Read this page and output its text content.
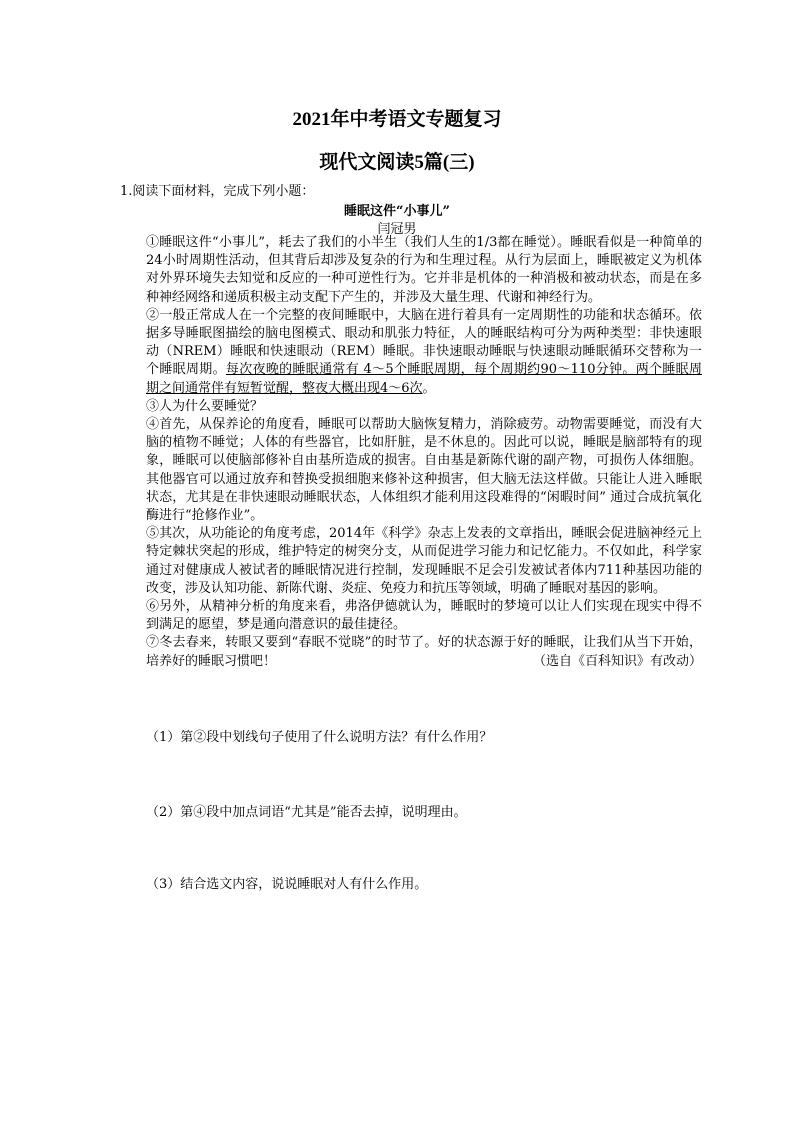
2021年中考语文专题复习
现代文阅读5篇(三)
1.阅读下面材料，完成下列小题：
睡眠这件“小事儿”
闫冠男

①睡眠这件“小事儿”，耗去了我们的小半生（我们人生的1/3都在睡觉）。睡眠看似是一种简单的24小时周期性活动，但其背后却涉及复杂的行为和生理过程。从行为层面上，睡眠被定义为机体对外界环境失去知觉和反应的一种可逆性行为。它并非是机体的一种消极和被动状态，而是在多种神经网络和递质积极主动支配下产生的，并涉及大量生理、代谢和神经行为。

②一般正常成人在一个完整的夜间睡眠中，大脑在进行着具有一定周期性的功能和状态循环。依据多导睡眠图描绘的脑电图模式、眼动和肌张力特征，人的睡眠结构可分为两种类型：非快速眼动（NREM）睡眠和快速眼动（REM）睡眠。非快速眼动睡眠与快速眼动睡眠循环交替称为一个睡眠周期。每次夜晚的睡眠通常有 4～5个睡眠周期，每个周期约90～110分钟。两个睡眠周期之间通常伴有短暂觉醒，整夜大概出现4～6次。

③人为什么要睡觉？

④首先，从保养论的角度看，睡眠可以帮助大脑恢复精力，消除疲劳。动物需要睡觉，而没有大脑的植物不睡觉；人体的有些器官，比如肝脏，是不休息的。因此可以说，睡眠是脑部特有的现象，睡眠可以使脑部修补自由基所造成的损害。自由基是新陈代谢的副产物，可损伤人体细胞。其他器官可以通过放弃和替换受损细胞来修补这种损害，但大脑无法这样做。只能让人进入睡眠状态，尤其是在非快速眼动睡眠状态，人体组织才能利用这段难得的“闲暇时间” 通过合成抗氧化酶进行“抢修作业”。

⑤其次，从功能论的角度考虑，2014年《科学》杂志上发表的文章指出，睡眠会促进脑神经元上特定棘状突起的形成，维护特定的树突分支，从而促进学习能力和记忆能力。不仅如此，科学家通过对健康成人被试者的睡眠情况进行控制，发现睡眠不足会引发被试者体内711种基因功能的改变，涉及认知功能、新陈代谢、炎症、免疫力和抗压等领域，明确了睡眠对基因的影响。

⑥另外，从精神分析的角度来看，弗洛伊德就认为，睡眠时的梦境可以让人们实现在现实中得不到满足的愿望，梦是通向潜意识的最佳捷径。

⑦冬去春来，转眼又要到“春眠不觉晓”的时节了。好的状态源于好的睡眠，让我们从当下开始，培养好的睡眠习惯吧！	（选自《百科知识》有改动）

（1）第②段中划线句子使用了什么说明方法？有什么作用？
（2）第④段中加点词语“尤其是”能否去掉，说明理由。
（3）结合选文内容，说说睡眠对人有什么作用。
